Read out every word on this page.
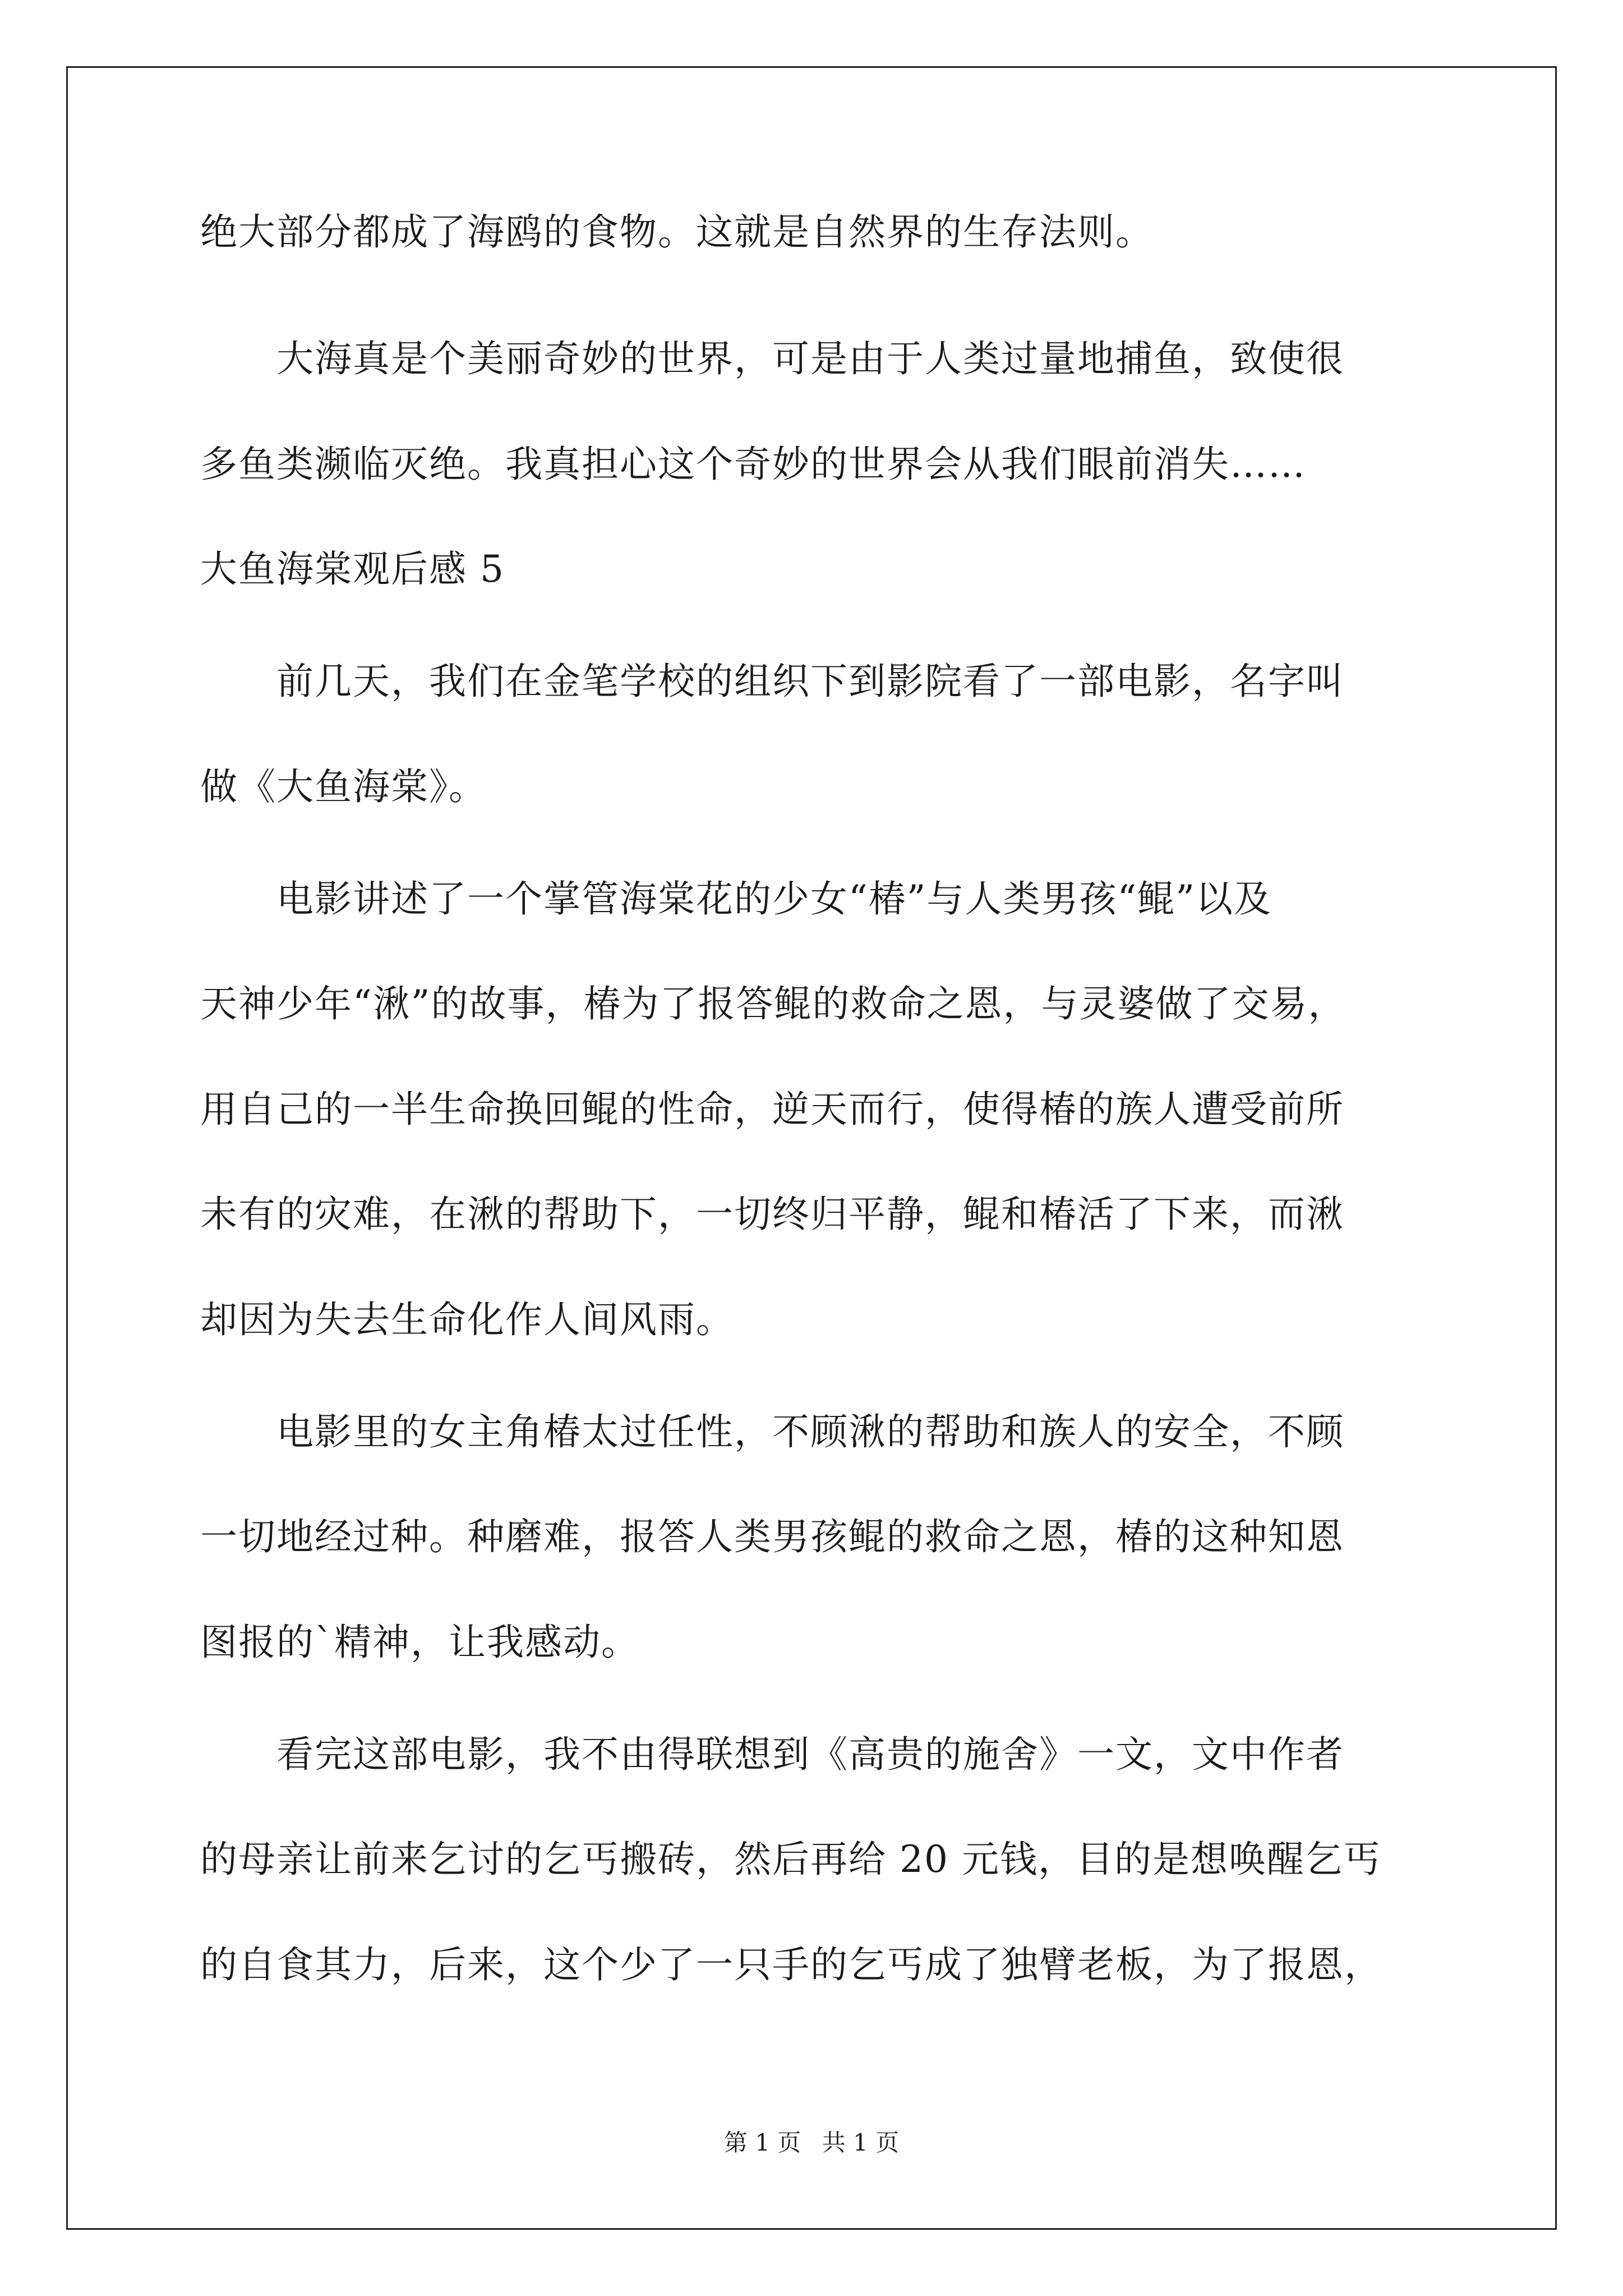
绝大部分都成了海鸥的食物。这就是自然界的生存法则。
　　大海真是个美丽奇妙的世界，可是由于人类过量地捕鱼，致使很
多鱼类濒临灭绝。我真担心这个奇妙的世界会从我们眼前消失……
大鱼海棠观后感 5
　　前几天，我们在金笔学校的组织下到影院看了一部电影，名字叫
做《大鱼海棠》。
　　电影讲述了一个掌管海棠花的少女“椿”与人类男孩“鲲”以及
天神少年“湫”的故事，椿为了报答鲲的救命之恩，与灵婆做了交易，
用自己的一半生命换回鲲的性命，逆天而行，使得椿的族人遭受前所
未有的灾难，在湫的帮助下，一切终归平静，鲲和椿活了下来，而湫
却因为失去生命化作人间风雨。
　　电影里的女主角椿太过任性，不顾湫的帮助和族人的安全，不顾
一切地经过种。种磨难，报答人类男孩鲲的救命之恩，椿的这种知恩
图报的`精神，让我感动。
　　看完这部电影，我不由得联想到《高贵的施舍》一文，文中作者
的母亲让前来乞讨的乞丐搬砖，然后再给 20 元钱，目的是想唤醒乞丐
的自食其力，后来，这个少了一只手的乞丐成了独臂老板，为了报恩，
第 1 页 共 1 页
